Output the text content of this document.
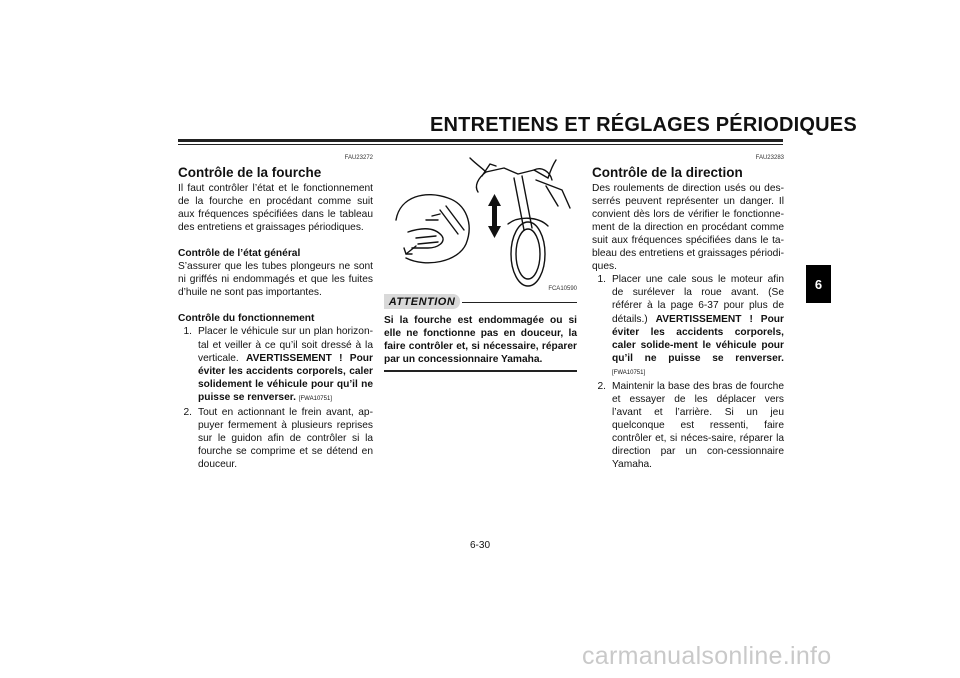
ENTRETIENS ET RÉGLAGES PÉRIODIQUES
6
FAU23272
Contrôle de la fourche

Il faut contrôler l’état et le fonctionnement de la fourche en procédant comme suit aux fréquences spécifiées dans le tableau des entretiens et graissages périodiques.

Contrôle de l’état général

S’assurer que les tubes plongeurs ne sont ni griffés ni endommagés et que les fuites d’huile ne sont pas importantes.

Contrôle du fonctionnement
1. Placer le véhicule sur un plan horizon-tal et veiller à ce qu’il soit dressé à la verticale. AVERTISSEMENT ! Pour éviter les accidents corporels, caler solidement le véhicule pour qu’il ne puisse se renverser. [FWA10751]
2. Tout en actionnant le frein avant, ap-puyer fermement à plusieurs reprises sur le guidon afin de contrôler si la fourche se comprime et se détend en douceur.
FCA10590
ATTENTION
Si la fourche est endommagée ou si elle ne fonctionne pas en douceur, la faire contrôler et, si nécessaire, réparer par un concessionnaire Yamaha.
FAU23283
Contrôle de la direction

Des roulements de direction usés ou des-serrés peuvent représenter un danger. Il convient dès lors de vérifier le fonctionne-ment de la direction en procédant comme suit aux fréquences spécifiées dans le ta-bleau des entretiens et graissages périodi-ques.

1. Placer une cale sous le moteur afin de surélever la roue avant. (Se référer à la page 6-37 pour plus de détails.) AVERTISSEMENT ! Pour éviter les accidents corporels, caler solide-ment le véhicule pour qu’il ne puisse se renverser. [FWA10751]
2. Maintenir la base des bras de fourche et essayer de les déplacer vers l’avant et l’arrière. Si un jeu quelconque est ressenti, faire contrôler et, si néces-saire, réparer la direction par un con-cessionnaire Yamaha.
6-30
carmanualsonline.info
